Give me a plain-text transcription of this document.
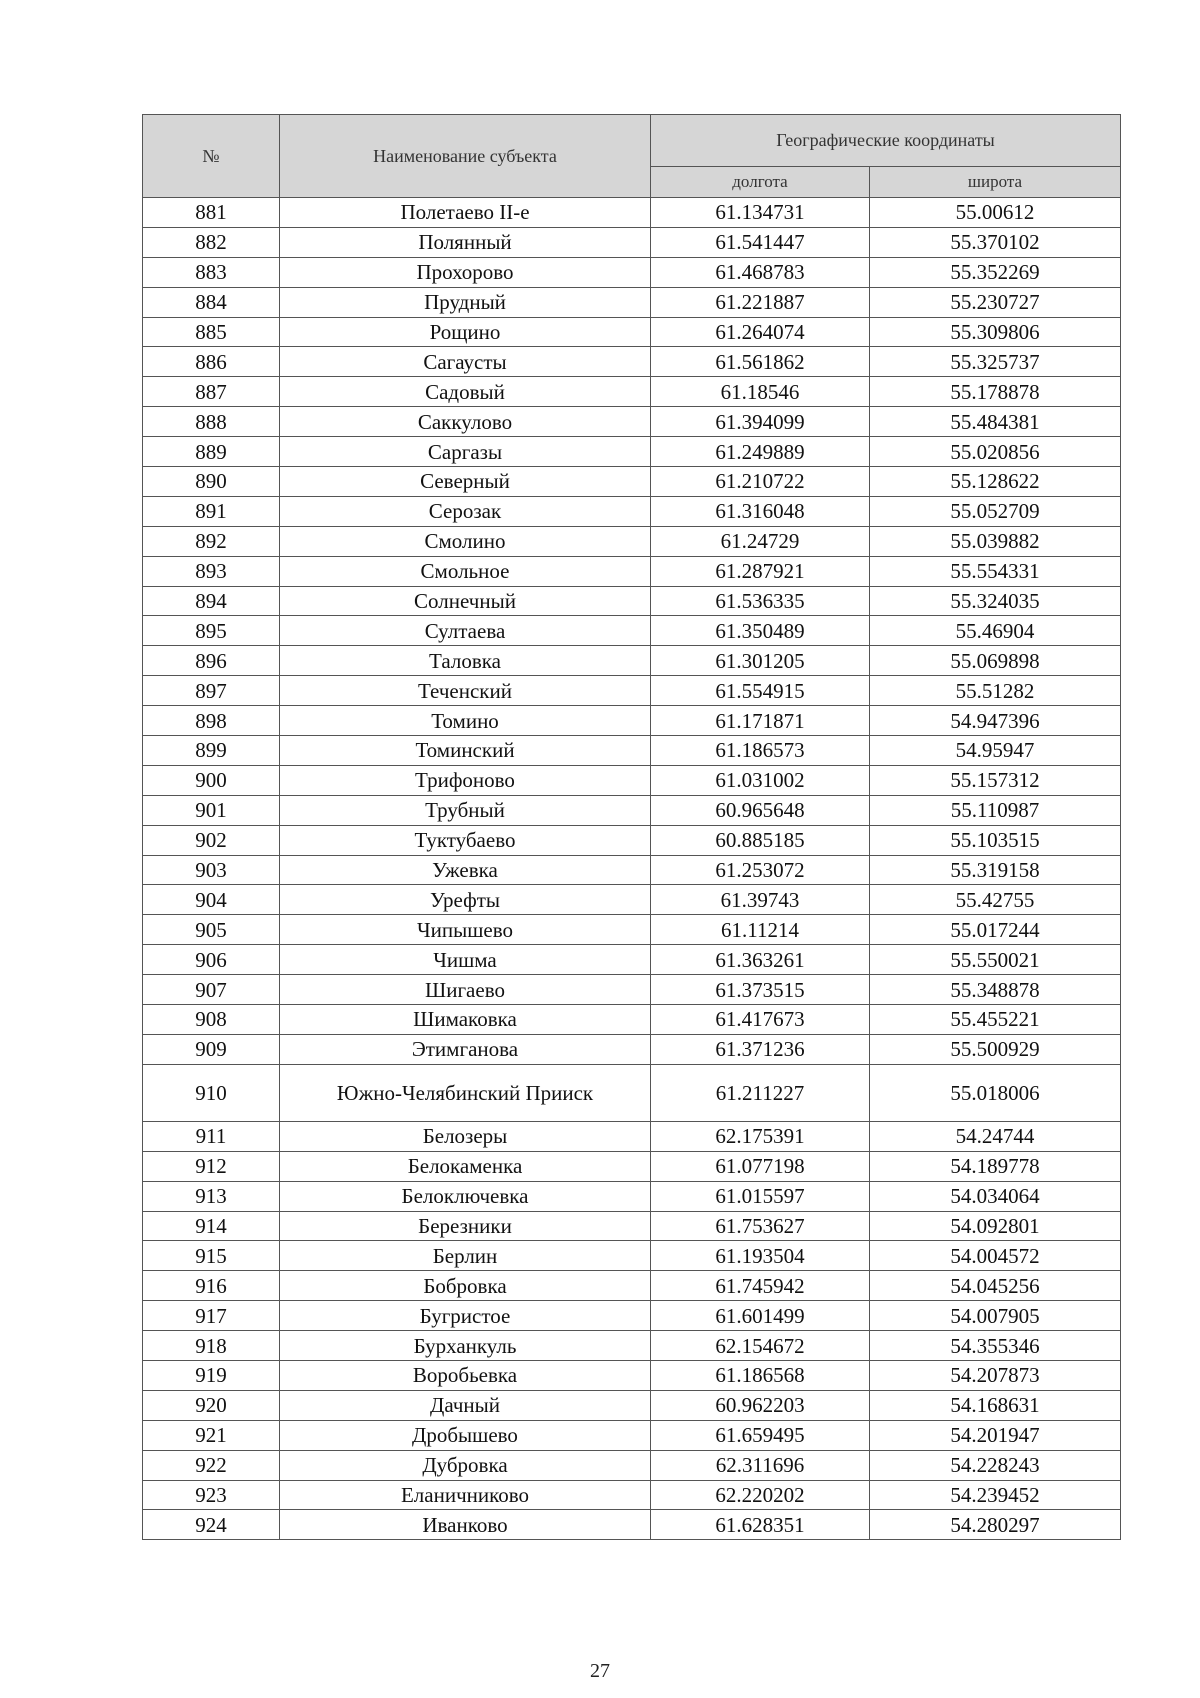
№	Наименование субъекта	Географические координаты	
		долгота	широта
881	Полетаево II-е	61.134731	55.00612
882	Полянный	61.541447	55.370102
883	Прохорово	61.468783	55.352269
884	Прудный	61.221887	55.230727
885	Рощино	61.264074	55.309806
886	Сагаусты	61.561862	55.325737
887	Садовый	61.18546	55.178878
888	Саккулово	61.394099	55.484381
889	Саргазы	61.249889	55.020856
890	Северный	61.210722	55.128622
891	Серозак	61.316048	55.052709
892	Смолино	61.24729	55.039882
893	Смольное	61.287921	55.554331
894	Солнечный	61.536335	55.324035
895	Султаева	61.350489	55.46904
896	Таловка	61.301205	55.069898
897	Теченский	61.554915	55.51282
898	Томино	61.171871	54.947396
899	Томинский	61.186573	54.95947
900	Трифоново	61.031002	55.157312
901	Трубный	60.965648	55.110987
902	Туктубаево	60.885185	55.103515
903	Ужевка	61.253072	55.319158
904	Урефты	61.39743	55.42755
905	Чипышево	61.11214	55.017244
906	Чишма	61.363261	55.550021
907	Шигаево	61.373515	55.348878
908	Шимаковка	61.417673	55.455221
909	Этимганова	61.371236	55.500929
910	Южно-Челябинский Прииск	61.211227	55.018006
911	Белозеры	62.175391	54.24744
912	Белокаменка	61.077198	54.189778
913	Белоключевка	61.015597	54.034064
914	Березники	61.753627	54.092801
915	Берлин	61.193504	54.004572
916	Бобровка	61.745942	54.045256
917	Бугристое	61.601499	54.007905
918	Бурханкуль	62.154672	54.355346
919	Воробьевка	61.186568	54.207873
920	Дачный	60.962203	54.168631
921	Дробышево	61.659495	54.201947
922	Дубровка	62.311696	54.228243
923	Еланичниково	62.220202	54.239452
924	Иванково	61.628351	54.280297
27
